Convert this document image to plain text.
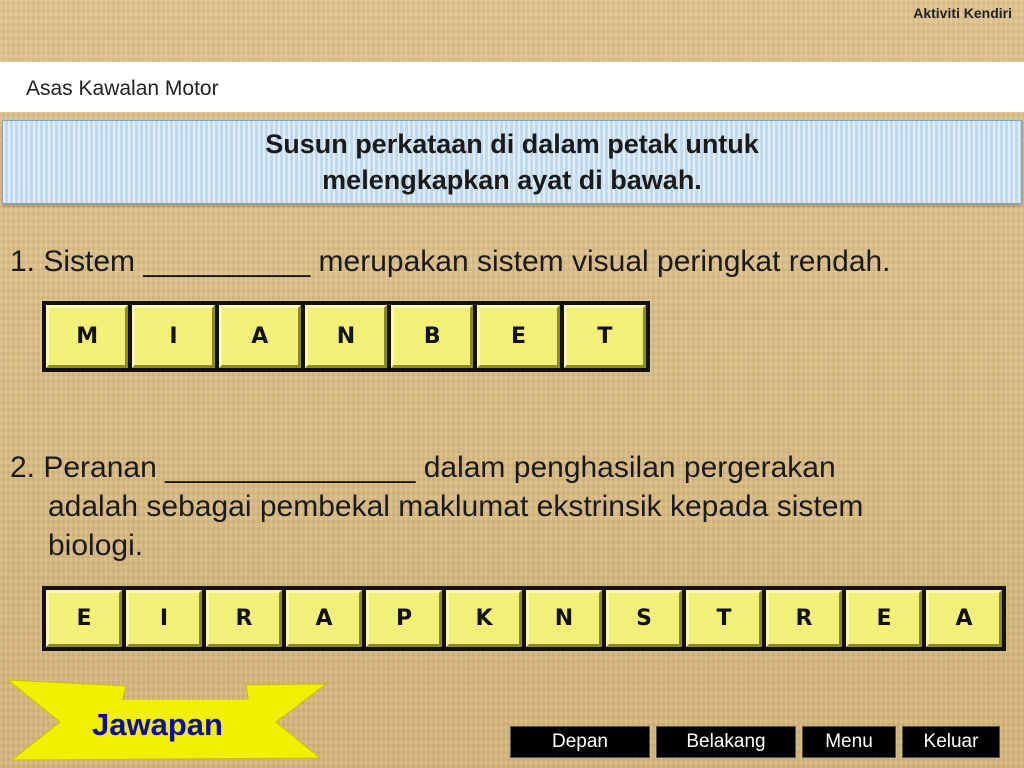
Aktiviti Kendiri
Asas Kawalan Motor
Susun perkataan di dalam petak untuk
melengkapkan ayat di bawah.
1. Sistem __________ merupakan sistem visual peringkat rendah.
M	I	A	N	B	E	T
2. Peranan _______________ dalam penghasilan pergerakan
adalah sebagai pembekal maklumat ekstrinsik kepada sistem
biologi.
E	I	R	A	P	K	N	S	T	R	E	A
Jawapan	Depan	Belakang	Menu	Keluar
